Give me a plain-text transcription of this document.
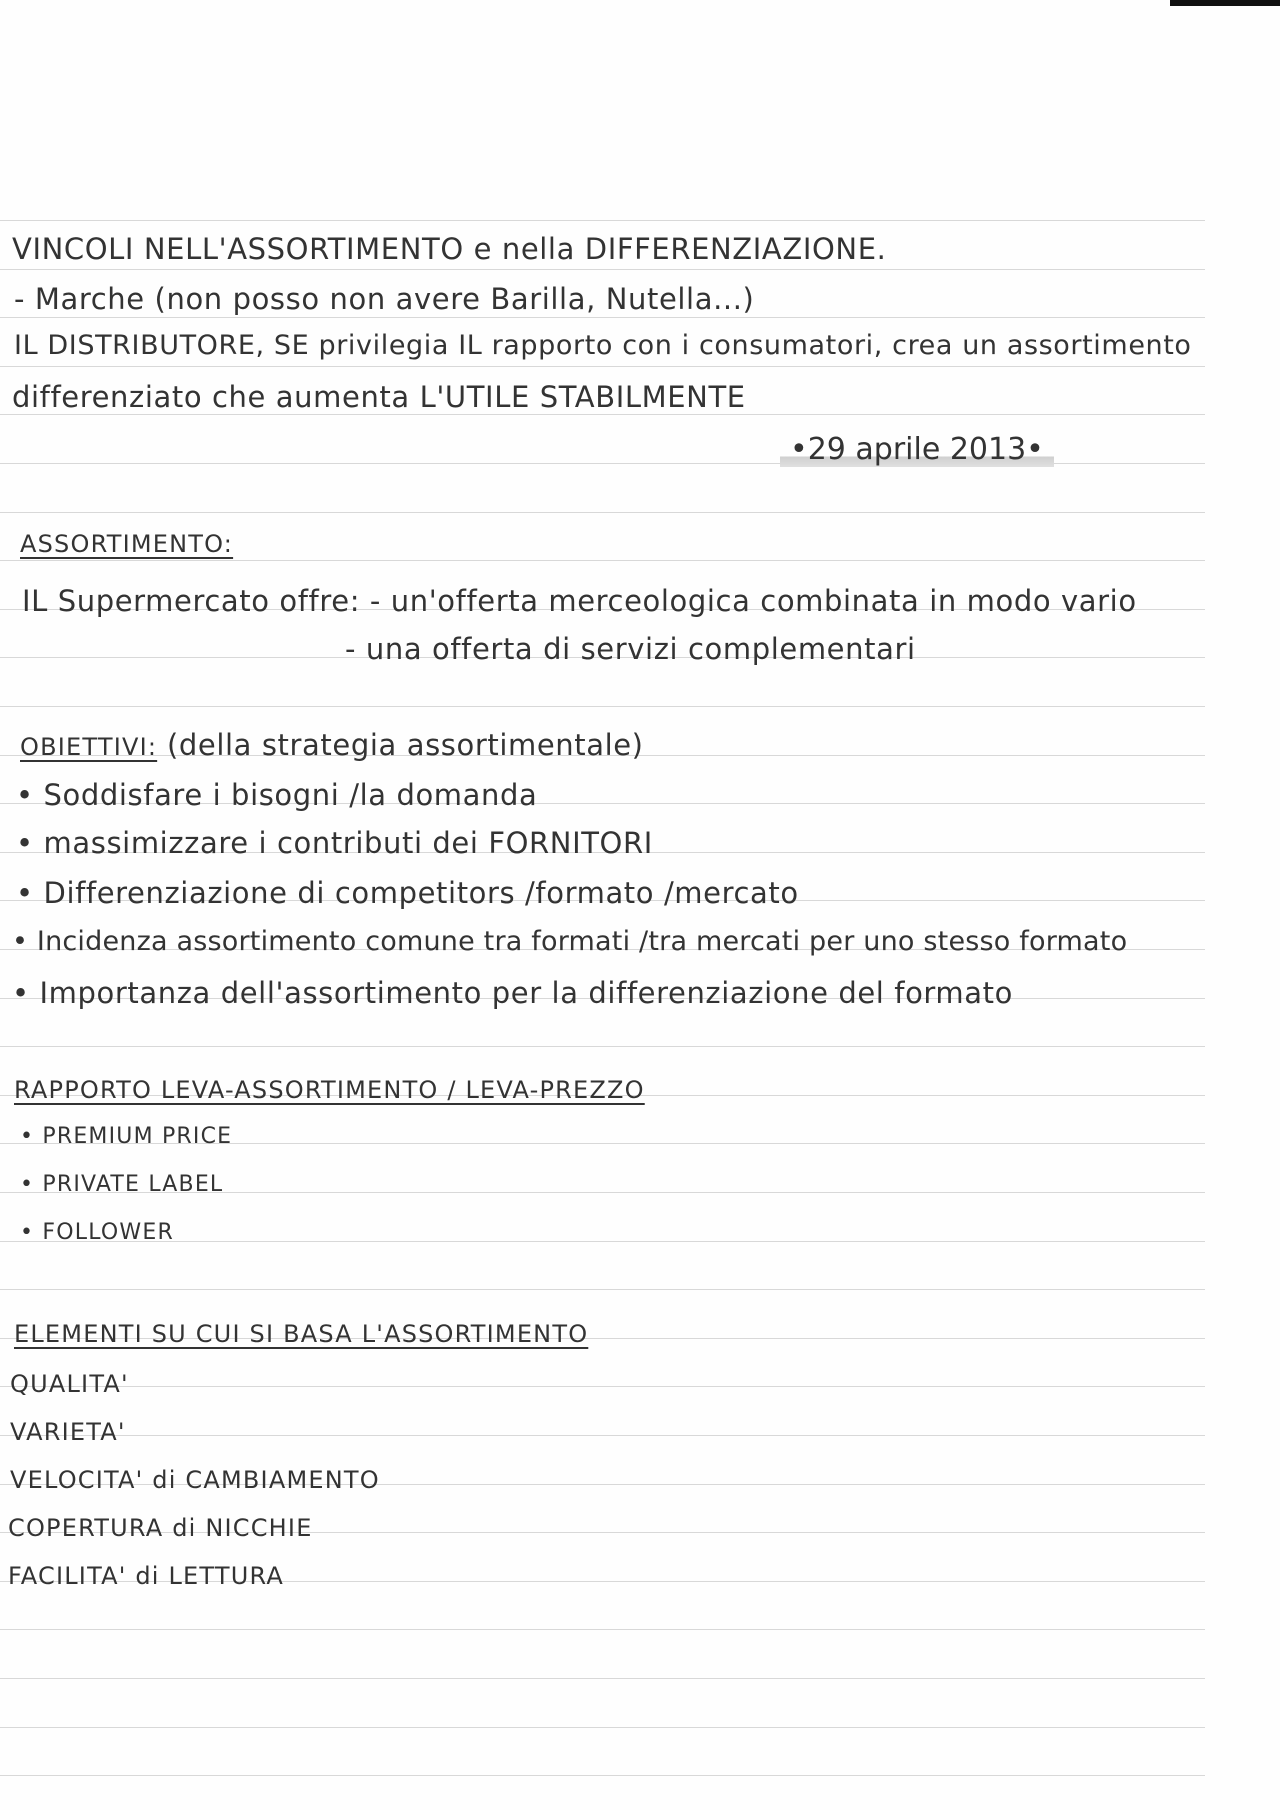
VINCOLI NELL'ASSORTIMENTO e nella DIFFERENZIAZIONE.
- Marche (non posso non avere Barilla, Nutella...)
IL DISTRIBUTORE, SE privilegia IL rapporto con i consumatori, crea un assortimento
differenziato che aumenta L'UTILE STABILMENTE
•29 aprile 2013•
ASSORTIMENTO:
IL Supermercato offre: - un'offerta merceologica combinata in modo vario
- una offerta di servizi complementari
OBIETTIVI: (della strategia assortimentale)
• Soddisfare i bisogni /la domanda
• massimizzare i contributi dei FORNITORI
• Differenziazione di competitors /formato /mercato
• Incidenza assortimento comune tra formati /tra mercati per uno stesso formato
• Importanza dell'assortimento per la differenziazione del formato
RAPPORTO LEVA-ASSORTIMENTO / LEVA-PREZZO
• PREMIUM PRICE
• PRIVATE LABEL
• FOLLOWER
ELEMENTI SU CUI SI BASA L'ASSORTIMENTO
QUALITA'
VARIETA'
VELOCITA' di CAMBIAMENTO
COPERTURA di NICCHIE
FACILITA' di LETTURA
